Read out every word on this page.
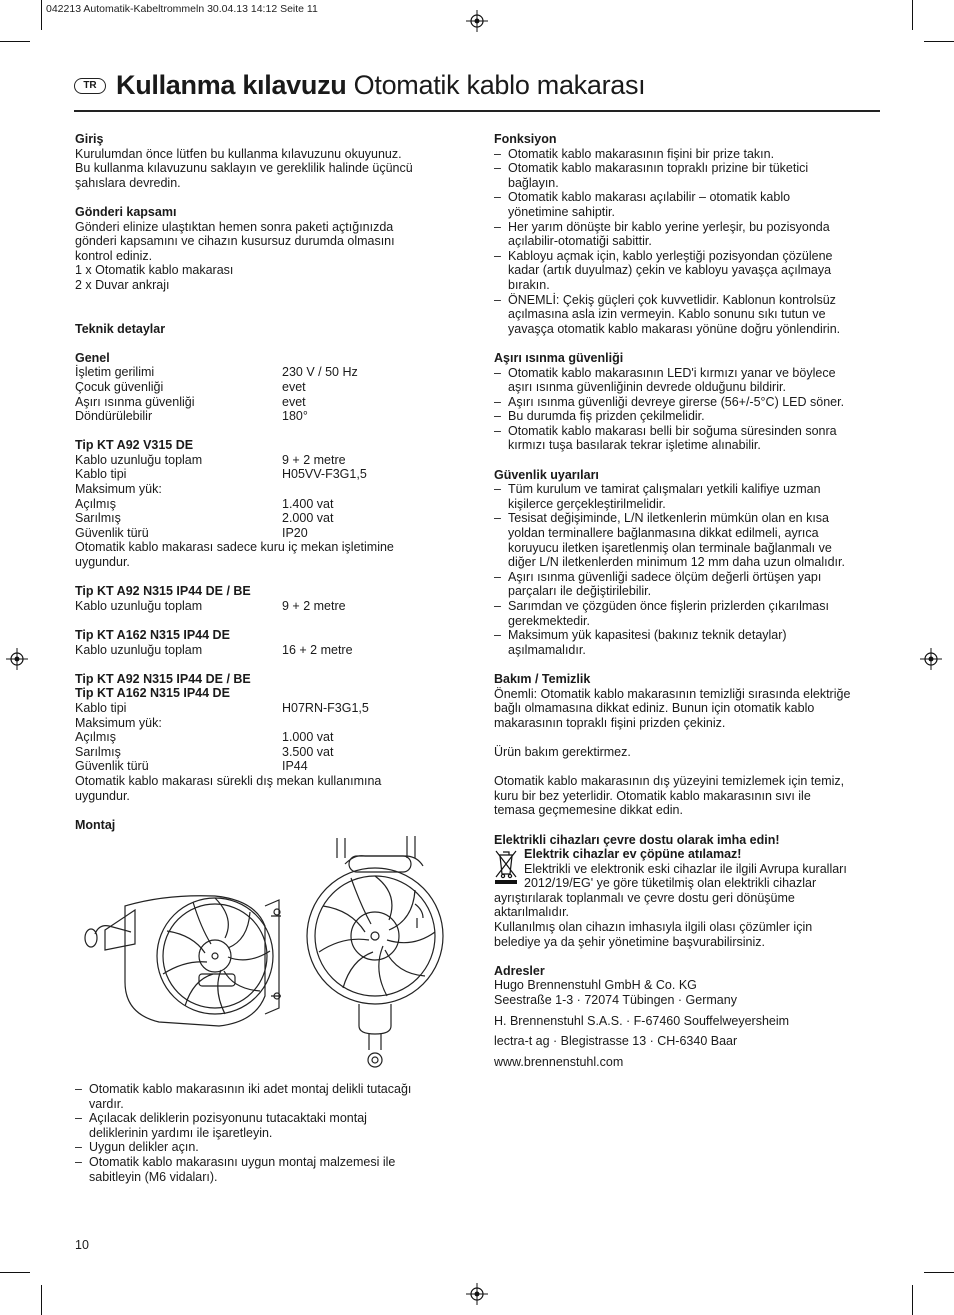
042213 Automatik-Kabeltrommeln 30.04.13 14:12 Seite 11
TR Kullanma kılavuzu Otomatik kablo makarası
Giriş
Kurulumdan önce lütfen bu kullanma kılavuzunu okuyunuz.
Bu kullanma kılavuzunu saklayın ve gereklilik halinde üçüncü
şahıslara devredin.
Gönderi kapsamı
Gönderi elinize ulaştıktan hemen sonra paketi açtığınızda
gönderi kapsamını ve cihazın kusursuz durumda olmasını
kontrol ediniz.
1 x Otomatik kablo makarası
2 x Duvar ankrajı
Teknik detaylar
Genel
İşletim gerilimi	230 V / 50 Hz
Çocuk güvenliği	evet
Aşırı ısınma güvenliği	evet
Döndürülebilir	180°
Tip KT A92 V315 DE
Kablo uzunluğu toplam	9 + 2 metre
Kablo tipi	H05VV-F3G1,5
Maksimum yük:
Açılmış	1.400 vat
Sarılmış	2.000 vat
Güvenlik türü	IP20
Otomatik kablo makarası sadece kuru iç mekan işletimine
uygundur.
Tip KT A92 N315 IP44 DE / BE
Kablo uzunluğu toplam	9 + 2 metre
Tip KT A162 N315 IP44 DE
Kablo uzunluğu toplam	16 + 2 metre
Tip KT A92 N315 IP44 DE / BE
Tip KT A162 N315 IP44 DE
Kablo tipi	H07RN-F3G1,5
Maksimum yük:
Açılmış	1.000 vat
Sarılmış	3.500 vat
Güvenlik türü	IP44
Otomatik kablo makarası sürekli dış mekan kullanımına
uygundur.
Montaj
– Otomatik kablo makarasının iki adet montaj delikli tutacağı
vardır.
– Açılacak deliklerin pozisyonunu tutacaktaki montaj
deliklerinin yardımı ile işaretleyin.
– Uygun delikler açın.
– Otomatik kablo makarasını uygun montaj malzemesi ile
sabitleyin (M6 vidaları).
Fonksiyon
– Otomatik kablo makarasının fişini bir prize takın.
– Otomatik kablo makarasının topraklı prizine bir tüketici
bağlayın.
– Otomatik kablo makarası açılabilir – otomatik kablo
yönetimine sahiptir.
– Her yarım dönüşte bir kablo yerine yerleşir, bu pozisyonda
açılabilir-otomatiği sabittir.
– Kabloyu açmak için, kablo yerleştiği pozisyondan çözülene
kadar (artık duyulmaz) çekin ve kabloyu yavaşça açılmaya
bırakın.
– ÖNEMLİ: Çekiş güçleri çok kuvvetlidir. Kablonun kontrolsüz
açılmasına asla izin vermeyin. Kablo sonunu sıkı tutun ve
yavaşça otomatik kablo makarası yönüne doğru yönlendirin.
Aşırı ısınma güvenliği
– Otomatik kablo makarasının LED'i kırmızı yanar ve böylece
aşırı ısınma güvenliğinin devrede olduğunu bildirir.
– Aşırı ısınma güvenliği devreye girerse (56+/-5°C) LED söner.
– Bu durumda fiş prizden çekilmelidir.
– Otomatik kablo makarası belli bir soğuma süresinden sonra
kırmızı tuşa basılarak tekrar işletime alınabilir.
Güvenlik uyarıları
– Tüm kurulum ve tamirat çalışmaları yetkili kalifiye uzman
kişilerce gerçekleştirilmelidir.
– Tesisat değişiminde, L/N iletkenlerin mümkün olan en kısa
yoldan terminallere bağlanmasına dikkat edilmeli, ayrıca
koruyucu iletken işaretlenmiş olan terminale bağlanmalı ve
diğer L/N iletkenlerden minimum 12 mm daha uzun olmalıdır.
– Aşırı ısınma güvenliği sadece ölçüm değerli örtüşen yapı
parçaları ile değiştirilebilir.
– Sarımdan ve çözgüden önce fişlerin prizlerden çıkarılması
gerekmektedir.
– Maksimum yük kapasitesi (bakınız teknik detaylar)
aşılmamalıdır.
Bakım / Temizlik
Önemli: Otomatik kablo makarasının temizliği sırasında elektriğe
bağlı olmamasına dikkat ediniz. Bunun için otomatik kablo
makarasının topraklı fişini prizden çekiniz.
Ürün bakım gerektirmez.
Otomatik kablo makarasının dış yüzeyini temizlemek için temiz,
kuru bir bez yeterlidir. Otomatik kablo makarasının sıvı ile
temasa geçmemesine dikkat edin.
Elektrikli cihazları çevre dostu olarak imha edin!
Elektrik cihazlar ev çöpüne atılamaz!
Elektrikli ve elektronik eski cihazlar ile ilgili Avrupa kuralları
2012/19/EG' ye göre tüketilmiş olan elektrikli cihazlar
ayrıştırılarak toplanmalı ve çevre dostu geri dönüşüme
aktarılmalıdır.
Kullanılmış olan cihazın imhasıyla ilgili olası çözümler için
belediye ya da şehir yönetimine başvurabilirsiniz.
Adresler
Hugo Brennenstuhl GmbH & Co. KG
Seestraße 1-3 · 72074 Tübingen · Germany
H. Brennenstuhl S.A.S. · F-67460 Souffelweyersheim
lectra-t ag · Blegistrasse 13 · CH-6340 Baar
www.brennenstuhl.com
10
